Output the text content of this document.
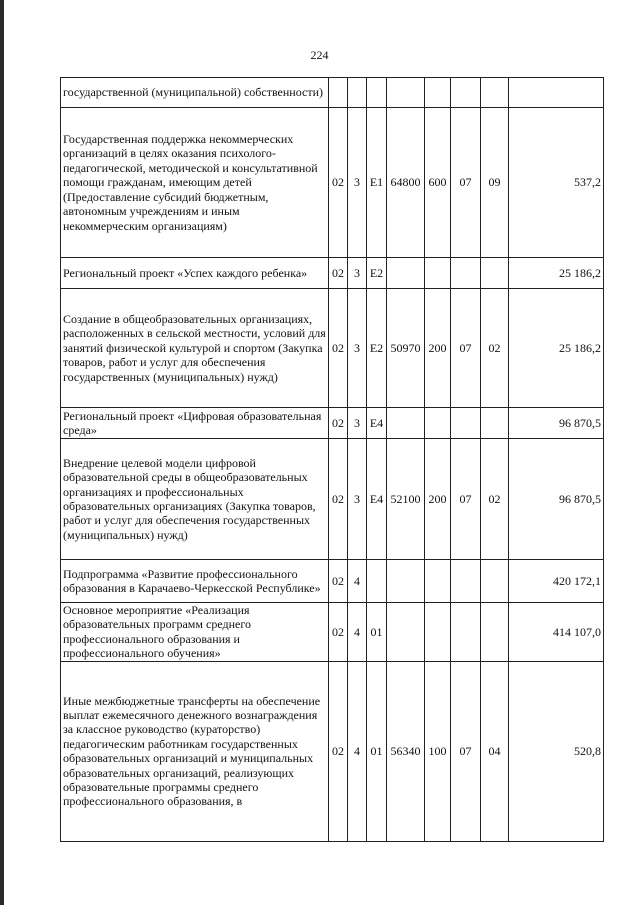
224
государственной (муниципальной) собственности)								
Государственная поддержка некоммерческих организаций в целях оказания психолого-педагогической, методической и консультативной помощи гражданам, имеющим детей (Предоставление субсидий бюджетным, автономным учреждениям и иным некоммерческим организациям)	02	3	E1	64800	600	07	09	537,2
Региональный проект «Успех каждого ребенка»	02	3	E2					25 186,2
Создание в общеобразовательных организациях, расположенных в сельской местности, условий для занятий физической культурой и спортом (Закупка товаров, работ и услуг для обеспечения государственных (муниципальных) нужд)	02	3	E2	50970	200	07	02	25 186,2
Региональный проект «Цифровая образовательная среда»	02	3	E4					96 870,5
Внедрение целевой модели цифровой образовательной среды в общеобразовательных организациях и профессиональных образовательных организациях (Закупка товаров, работ и услуг для обеспечения государственных (муниципальных) нужд)	02	3	E4	52100	200	07	02	96 870,5
Подпрограмма «Развитие профессионального образования в Карачаево-Черкесской Республике»	02	4						420 172,1
Основное мероприятие «Реализация образовательных программ среднего профессионального образования и профессионального обучения»	02	4	01					414 107,0
Иные межбюджетные трансферты на обеспечение выплат ежемесячного денежного вознаграждения за классное руководство (кураторство) педагогическим работникам государственных образовательных организаций и муниципальных образовательных организаций, реализующих образовательные программы среднего профессионального образования, в	02	4	01	56340	100	07	04	520,8
